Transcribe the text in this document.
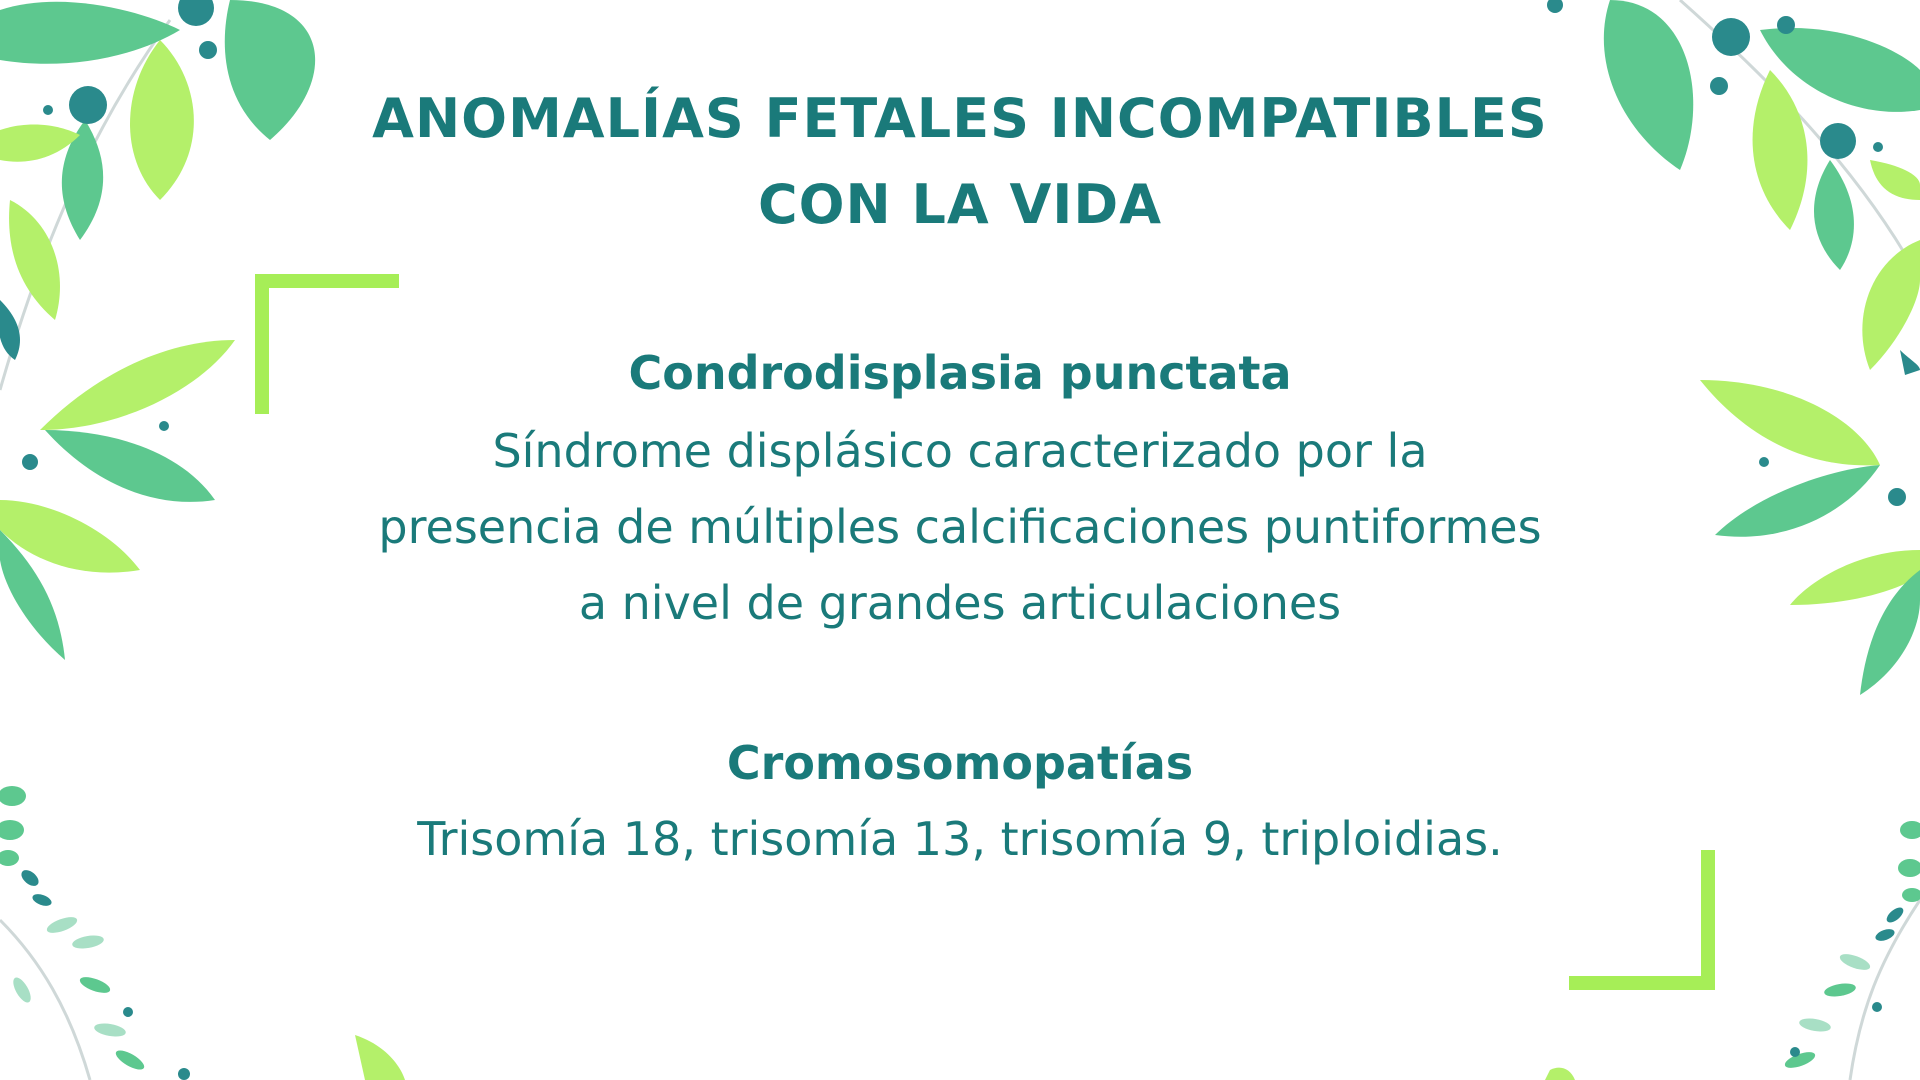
ANOMALÍAS FETALES INCOMPATIBLES
CON LA VIDA
Condrodisplasia punctata
Síndrome displásico caracterizado por la
presencia de múltiples calcificaciones puntiformes
a nivel de grandes articulaciones
Cromosomopatías
Trisomía 18, trisomía 13, trisomía 9, triploidias.
